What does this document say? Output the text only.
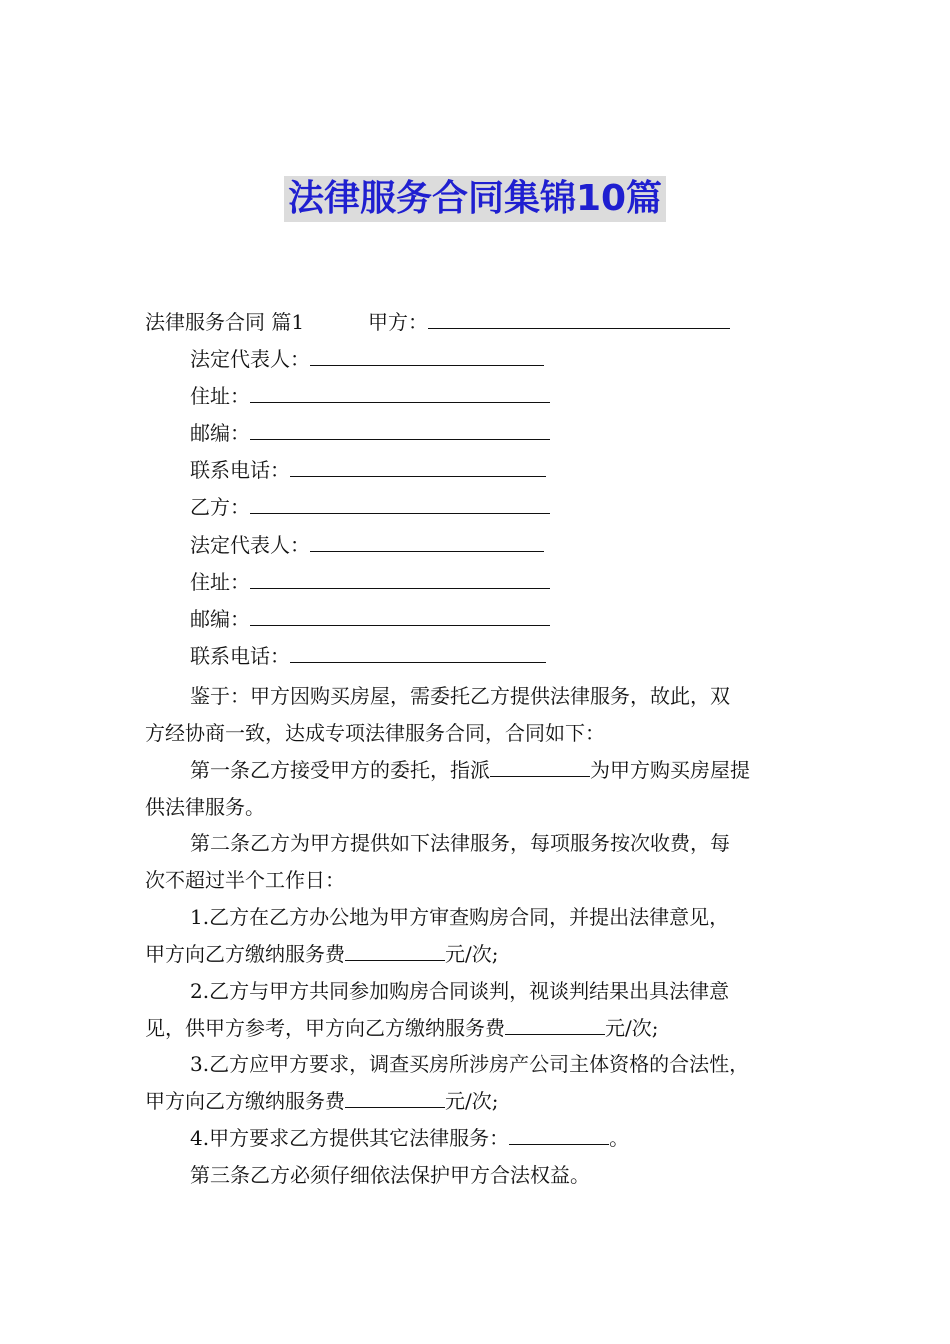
法律服务合同集锦10篇
法律服务合同 篇1	甲方：
法定代表人：
住址：
邮编：
联系电话：
乙方：
法定代表人：
住址：
邮编：
联系电话：
鉴于：甲方因购买房屋，需委托乙方提供法律服务，故此，双
方经协商一致，达成专项法律服务合同，合同如下：
第一条乙方接受甲方的委托，指派	为甲方购买房屋提
供法律服务。
第二条乙方为甲方提供如下法律服务，每项服务按次收费，每
次不超过半个工作日：
1.乙方在乙方办公地为甲方审查购房合同，并提出法律意见，
甲方向乙方缴纳服务费	元/次;
2.乙方与甲方共同参加购房合同谈判，视谈判结果出具法律意
见，供甲方参考，甲方向乙方缴纳服务费	元/次;
3.乙方应甲方要求，调查买房所涉房产公司主体资格的合法性，
甲方向乙方缴纳服务费	元/次;
4.甲方要求乙方提供其它法律服务：	。
第三条乙方必须仔细依法保护甲方合法权益。
